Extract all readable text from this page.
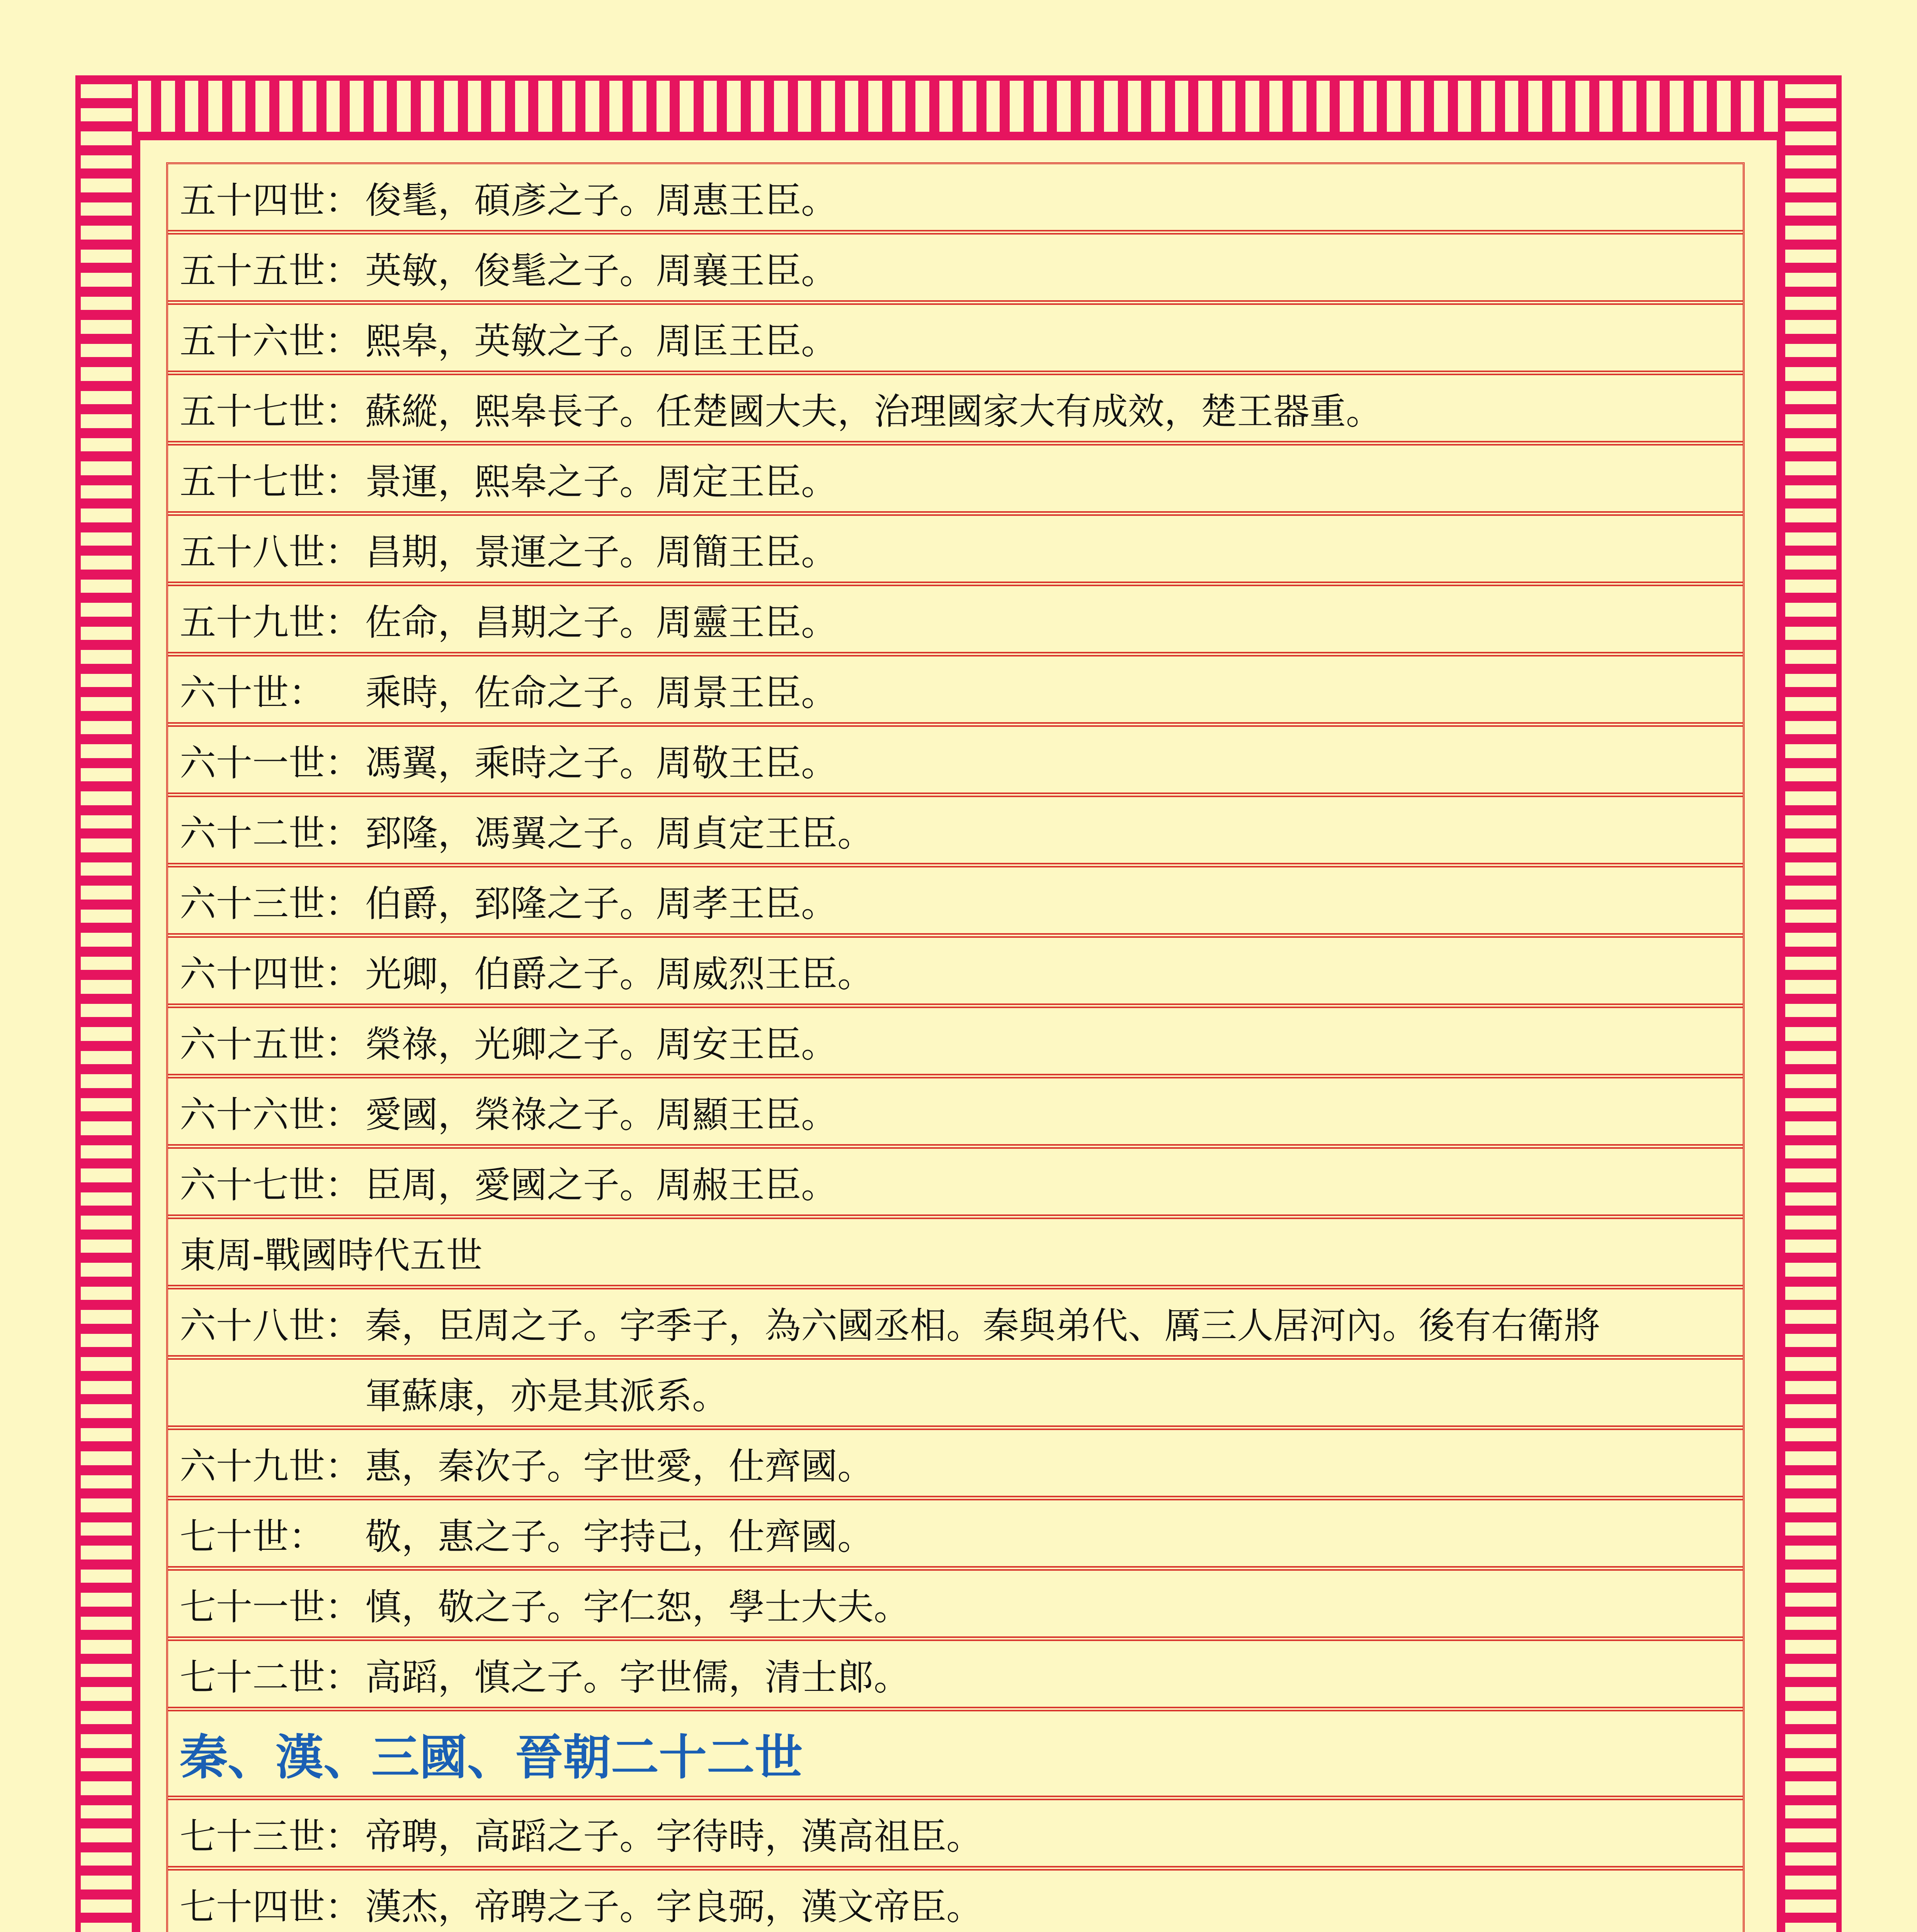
五十四世： 俊髦，碩彥之子。周惠王臣。
五十五世： 英敏，俊髦之子。周襄王臣。
五十六世： 熙皋，英敏之子。周匡王臣。
五十七世： 蘇縱，熙皋長子。任楚國大夫，治理國家大有成效，楚王器重。
五十七世： 景運，熙皋之子。周定王臣。
五十八世： 昌期，景運之子。周簡王臣。
五十九世： 佐命，昌期之子。周靈王臣。
六十世：	乘時，佐命之子。周景王臣。
六十一世： 馮翼，乘時之子。周敬王臣。
六十二世： 郅隆，馮翼之子。周貞定王臣。
六十三世： 伯爵，郅隆之子。周孝王臣。
六十四世： 光卿，伯爵之子。周威烈王臣。
六十五世： 榮祿，光卿之子。周安王臣。
六十六世： 愛國，榮祿之子。周顯王臣。
六十七世： 臣周，愛國之子。周赧王臣。
東周-戰國時代五世
六十八世： 秦，臣周之子。字季子，為六國丞相。秦與弟代、厲三人居河內。後有右衛將
軍蘇康，亦是其派系。
六十九世： 惠，秦次子。字世愛，仕齊國。
七十世：	敬，惠之子。字持己，仕齊國。
七十一世： 慎，敬之子。字仁恕，學士大夫。
七十二世： 高蹈，慎之子。字世儒，清士郎。
秦、漢、三國、晉朝二十二世
七十三世： 帝聘，高蹈之子。字待時，漢高祖臣。
七十四世： 漢杰，帝聘之子。字良弼，漢文帝臣。
